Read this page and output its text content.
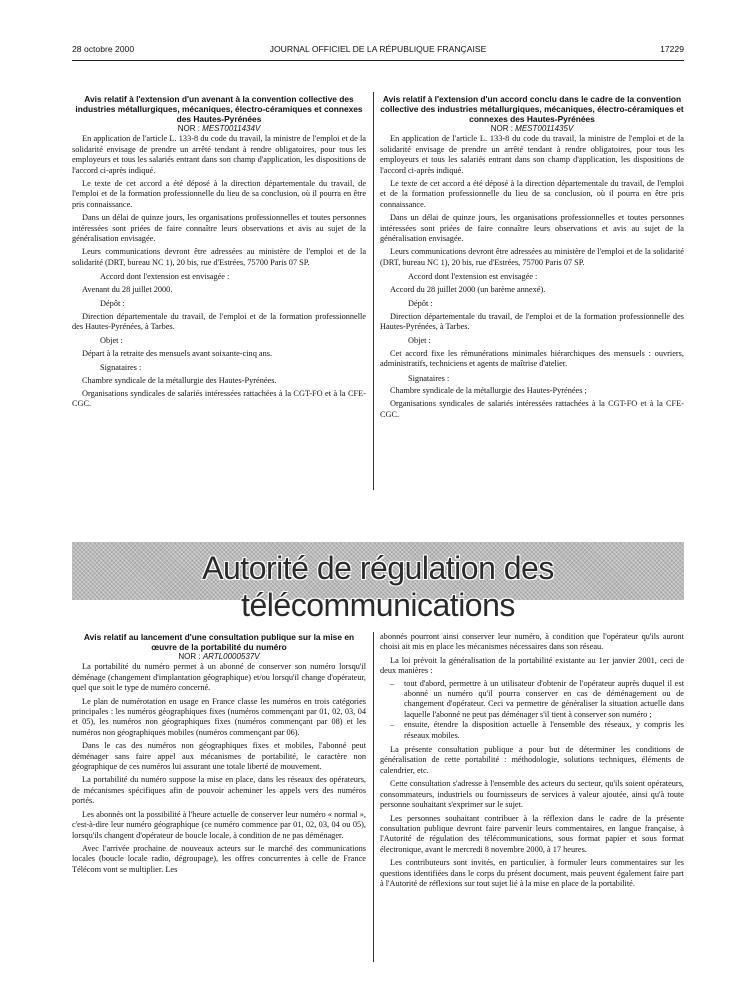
28 octobre 2000	JOURNAL OFFICIEL DE LA RÉPUBLIQUE FRANÇAISE	17229

Avis relatif à l'extension d'un avenant à la convention collective des industries métallurgiques, mécaniques, électro-céramiques et connexes des Hautes-Pyrénées

NOR : MEST0011434V

En application de l'article L. 133-8 du code du travail, la ministre de l'emploi et de la solidarité envisage de prendre un arrêté tendant à rendre obligatoires, pour tous les employeurs et tous les salariés entrant dans son champ d'application, les dispositions de l'accord ci-après indiqué.

Le texte de cet accord a été déposé à la direction départementale du travail, de l'emploi et de la formation professionnelle du lieu de sa conclusion, où il pourra en être pris connaissance.

Dans un délai de quinze jours, les organisations professionnelles et toutes personnes intéressées sont priées de faire connaître leurs observations et avis au sujet de la généralisation envisagée.

Leurs communications devront être adressées au ministère de l'emploi et de la solidarité (DRT, bureau NC 1), 20 bis, rue d'Estrées, 75700 Paris 07 SP.

Accord dont l'extension est envisagée :

Avenant du 28 juillet 2000.

Dépôt :

Direction départementale du travail, de l'emploi et de la formation professionnelle des Hautes-Pyrénées, à Tarbes.

Objet :

Départ à la retraite des mensuels avant soixante-cinq ans.

Signataires :

Chambre syndicale de la métallurgie des Hautes-Pyrénées.

Organisations syndicales de salariés intéressées rattachées à la CGT-FO et à la CFE-CGC.

Avis relatif à l'extension d'un accord conclu dans le cadre de la convention collective des industries métallurgiques, mécaniques, électro-céramiques et connexes des Hautes-Pyrénées

NOR : MEST0011435V

En application de l'article L. 133-8 du code du travail, la ministre de l'emploi et de la solidarité envisage de prendre un arrêté tendant à rendre obligatoires, pour tous les employeurs et tous les salariés entrant dans son champ d'application, les dispositions de l'accord ci-après indiqué.

Le texte de cet accord a été déposé à la direction départementale du travail, de l'emploi et de la formation professionnelle du lieu de sa conclusion, où il pourra en être pris connaissance.

Dans un délai de quinze jours, les organisations professionnelles et toutes personnes intéressées sont priées de faire connaître leurs observations et avis au sujet de la généralisation envisagée.

Leurs communications devront être adressées au ministère de l'emploi et de la solidarité (DRT, bureau NC 1), 20 bis, rue d'Estrées, 75700 Paris 07 SP.

Accord dont l'extension est envisagée :

Accord du 28 juillet 2000 (un barème annexé).

Dépôt :

Direction départementale du travail, de l'emploi et de la formation professionnelle des Hautes-Pyrénées, à Tarbes.

Objet :

Cet accord fixe les rémunérations minimales hiérarchiques des mensuels : ouvriers, administratifs, techniciens et agents de maîtrise d'atelier.

Signataires :

Chambre syndicale de la métallurgie des Hautes-Pyrénées ;

Organisations syndicales de salariés intéressées rattachées à la CGT-FO et à la CFE-CGC.

Autorité de régulation des télécommunications

Avis relatif au lancement d'une consultation publique sur la mise en œuvre de la portabilité du numéro

NOR : ARTL0000537V

La portabilité du numéro permet à un abonné de conserver son numéro lorsqu'il déménage (changement d'implantation géographique) et/ou lorsqu'il change d'opérateur, quel que soit le type de numéro concerné.

Le plan de numérotation en usage en France classe les numéros en trois catégories principales : les numéros géographiques fixes (numéros commençant par 01, 02, 03, 04 et 05), les numéros non géographiques fixes (numéros commençant par 08) et les numéros non géographiques mobiles (numéros commençant par 06).

Dans le cas des numéros non géographiques fixes et mobiles, l'abonné peut déménager sans faire appel aux mécanismes de portabilité, le caractère non géographique de ces numéros lui assurant une totale liberté de mouvement.

La portabilité du numéro suppose la mise en place, dans les réseaux des opérateurs, de mécanismes spécifiques afin de pouvoir acheminer les appels vers des numéros portés.

Les abonnés ont la possibilité à l'heure actuelle de conserver leur numéro « normal », c'est-à-dire leur numéro géographique (ce numéro commence par 01, 02, 03, 04 ou 05), lorsqu'ils changent d'opérateur de boucle locale, à condition de ne pas déménager.

Avec l'arrivée prochaine de nouveaux acteurs sur le marché des communications locales (boucle locale radio, dégroupage), les offres concurrentes à celle de France Télécom vont se multiplier. Les

abonnés pourront ainsi conserver leur numéro, à condition que l'opérateur qu'ils auront choisi ait mis en place les mécanismes nécessaires dans son réseau.

La loi prévoit la généralisation de la portabilité existante au 1er janvier 2001, ceci de deux manières :

– tout d'abord, permettre à un utilisateur d'obtenir de l'opérateur auprès duquel il est abonné un numéro qu'il pourra conserver en cas de déménagement ou de changement d'opérateur. Ceci va permettre de généraliser la situation actuelle dans laquelle l'abonné ne peut pas déménager s'il tient à conserver son numéro ;
– ensuite, étendre la disposition actuelle à l'ensemble des réseaux, y compris les réseaux mobiles.

La présente consultation publique a pour but de déterminer les conditions de généralisation de cette portabilité : méthodologie, solutions techniques, éléments de calendrier, etc.

Cette consultation s'adresse à l'ensemble des acteurs du secteur, qu'ils soient opérateurs, consommateurs, industriels ou fournisseurs de services à valeur ajoutée, ainsi qu'à toute personne souhaitant s'exprimer sur le sujet.

Les personnes souhaitant contribuer à la réflexion dans le cadre de la présente consultation publique devront faire parvenir leurs commentaires, en langue française, à l'Autorité de régulation des télécommunications, sous format papier et sous format électronique, avant le mercredi 8 novembre 2000, à 17 heures.

Les contributeurs sont invités, en particulier, à formuler leurs commentaires sur les questions identifiées dans le corps du présent document, mais peuvent également faire part à l'Autorité de réflexions sur tout sujet lié à la mise en place de la portabilité.
